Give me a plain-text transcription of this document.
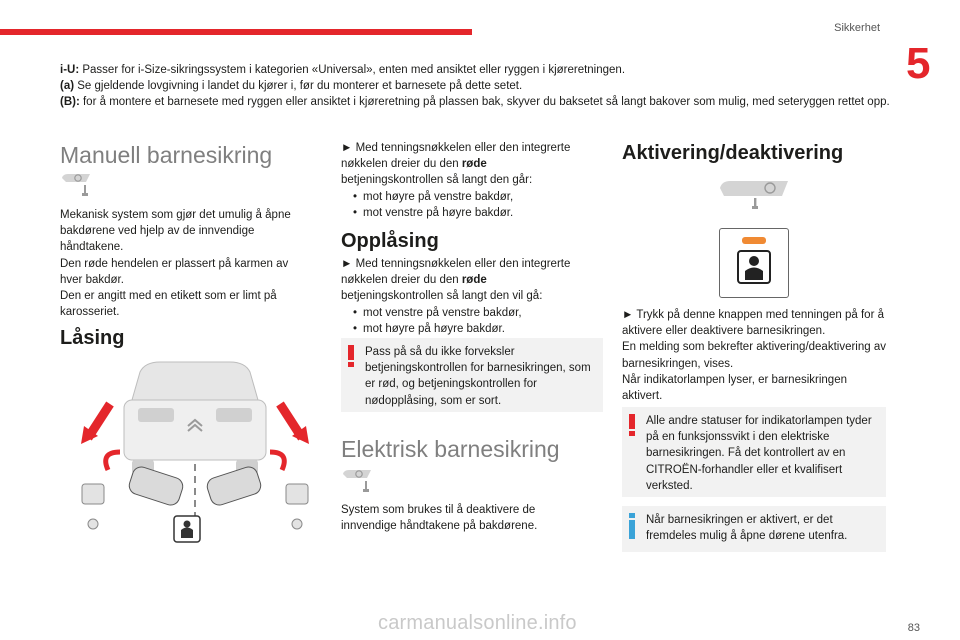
Sikkerhet
5

i-U: Passer for i-Size-sikringssystem i kategorien «Universal», enten med ansiktet eller ryggen i kjøreretningen.

(a) Se gjeldende lovgivning i landet du kjører i, før du monterer et barnesete på dette setet.

(B): for å montere et barnesete med ryggen eller ansiktet i kjøreretning på plassen bak, skyver du baksetet så langt bakover som mulig, med seteryggen rettet opp.

Manuell barnesikring

Mekanisk system som gjør det umulig å åpne bakdørene ved hjelp av de innvendige håndtakene.

Den røde hendelen er plassert på karmen av hver bakdør.

Den er angitt med en etikett som er limt på karosseriet.

Låsing

► Med tenningsnøkkelen eller den integrerte nøkkelen dreier du den røde betjeningskontrollen så langt den går:

• mot høyre på venstre bakdør,
• mot venstre på høyre bakdør.
Opplåsing

► Med tenningsnøkkelen eller den integrerte nøkkelen dreier du den røde betjeningskontrollen så langt den vil gå:

• mot venstre på venstre bakdør,
• mot høyre på høyre bakdør.
Pass på så du ikke forveksler betjeningskontrollen for barnesikringen, som er rød, og betjeningskontrollen for nødopplåsing, som er sort.
Elektrisk barnesikring
System som brukes til å deaktivere de innvendige håndtakene på bakdørene.
Aktivering/deaktivering

► Trykk på denne knappen med tenningen på for å aktivere eller deaktivere barnesikringen.

En melding som bekrefter aktivering/deaktivering av barnesikringen, vises.

Når indikatorlampen lyser, er barnesikringen aktivert.

Alle andre statuser for indikatorlampen tyder på en funksjonssvikt i den elektriske barnesikringen. Få det kontrollert av en CITROËN-forhandler eller et kvalifisert verksted.
Når barnesikringen er aktivert, er det fremdeles mulig å åpne dørene utenfra.
carmanualsonline.info	83
